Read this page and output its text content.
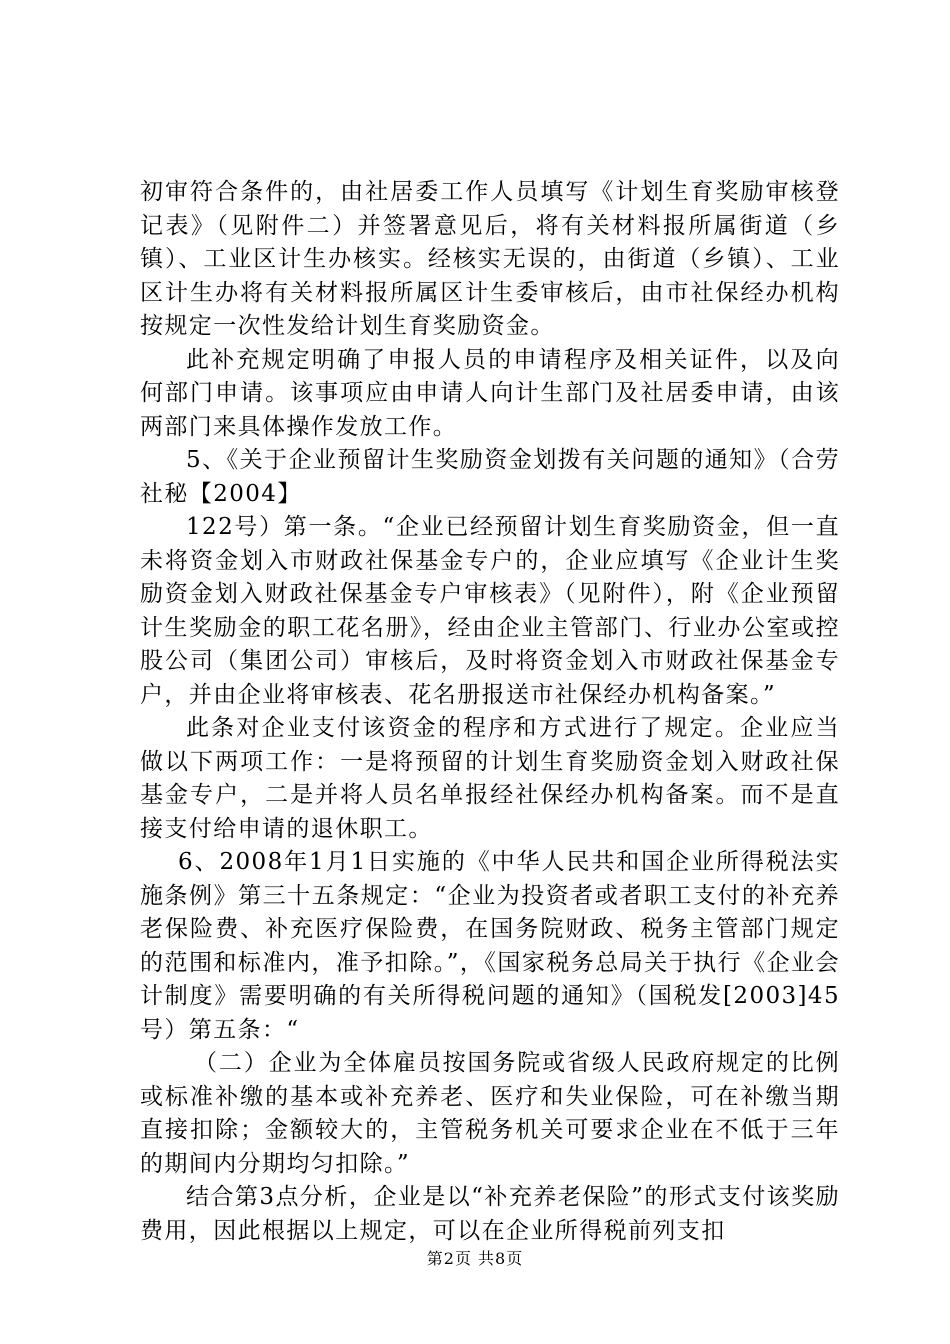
初审符合条件的，由社居委工作人员填写《计划生育奖励审核登记表》（见附件二）并签署意见后，将有关材料报所属街道（乡镇）、工业区计生办核实。经核实无误的，由街道（乡镇）、工业区计生办将有关材料报所属区计生委审核后，由市社保经办机构按规定一次性发给计划生育奖励资金。

此补充规定明确了申报人员的申请程序及相关证件，以及向何部门申请。该事项应由申请人向计生部门及社居委申请，由该两部门来具体操作发放工作。

5、《关于企业预留计生奖励资金划拨有关问题的通知》（合劳社秘【2004】

122号）第一条。“企业已经预留计划生育奖励资金，但一直未将资金划入市财政社保基金专户的，企业应填写《企业计生奖励资金划入财政社保基金专户审核表》（见附件），附《企业预留计生奖励金的职工花名册》，经由企业主管部门、行业办公室或控股公司（集团公司）审核后，及时将资金划入市财政社保基金专户，并由企业将审核表、花名册报送市社保经办机构备案。”

此条对企业支付该资金的程序和方式进行了规定。企业应当做以下两项工作：一是将预留的计划生育奖励资金划入财政社保基金专户，二是并将人员名单报经社保经办机构备案。而不是直接支付给申请的退休职工。

6、2008年1月1日实施的《中华人民共和国企业所得税法实施条例》第三十五条规定：“企业为投资者或者职工支付的补充养老保险费、补充医疗保险费，在国务院财政、税务主管部门规定的范围和标准内，准予扣除。”，《国家税务总局关于执行《企业会计制度》需要明确的有关所得税问题的通知》（国税发[2003]45号）第五条：“

（二）企业为全体雇员按国务院或省级人民政府规定的比例或标准补缴的基本或补充养老、医疗和失业保险，可在补缴当期直接扣除；金额较大的，主管税务机关可要求企业在不低于三年的期间内分期均匀扣除。”

结合第3点分析，企业是以“补充养老保险”的形式支付该奖励费用，因此根据以上规定，可以在企业所得税前列支扣

第2页 共8页
